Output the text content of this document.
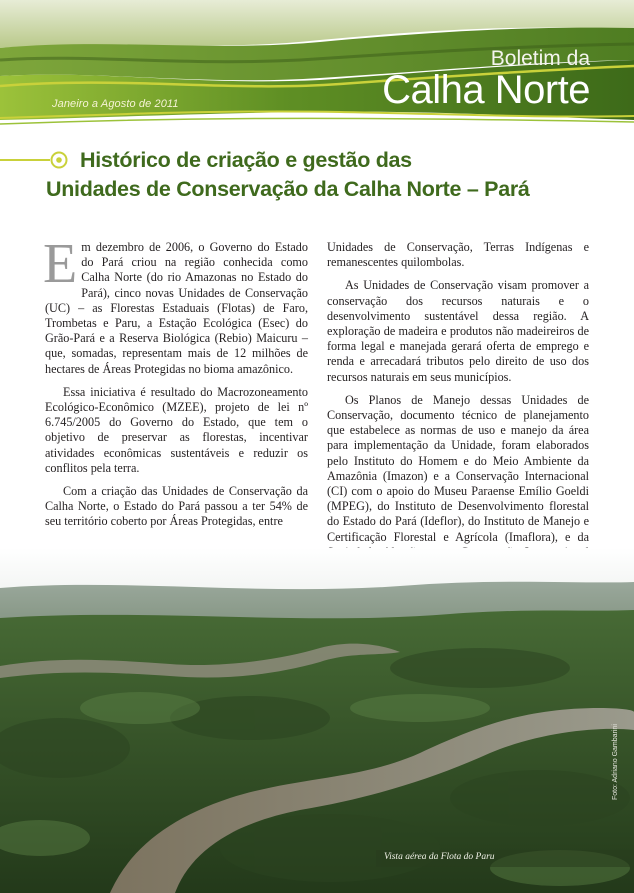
Janeiro a Agosto de 2011
Boletim da
Calha Norte
Histórico de criação e gestão das
Unidades de Conservação da Calha Norte – Pará

Em dezembro de 2006, o Governo do Estado do Pará criou na região conhecida como Calha Norte (do rio Amazonas no Estado do Pará), cinco novas Unidades de Conservação (UC) – as Florestas Estaduais (Flotas) de Faro, Trombetas e Paru, a Estação Ecológica (Esec) do Grão-Pará e a Reserva Biológica (Rebio) Maicuru – que, somadas, representam mais de 12 milhões de hectares de Áreas Protegidas no bioma amazônico.

Essa iniciativa é resultado do Macrozoneamento Ecológico-Econômico (MZEE), projeto de lei nº 6.745/2005 do Governo do Estado, que tem o objetivo de preservar as florestas, incentivar atividades econômicas sustentáveis e reduzir os conflitos pela terra.

Com a criação das Unidades de Conservação da Calha Norte, o Estado do Pará passou a ter 54% de seu território coberto por Áreas Protegidas, entre

Unidades de Conservação, Terras Indígenas e remanescentes quilombolas.

As Unidades de Conservação visam promover a conservação dos recursos naturais e o desenvolvimento sustentável dessa região. A exploração de madeira e produtos não madeireiros de forma legal e manejada gerará oferta de emprego e renda e arrecadará tributos pelo direito de uso dos recursos naturais em seus municípios.

Os Planos de Manejo dessas Unidades de Conservação, documento técnico de planejamento que estabelece as normas de uso e manejo da área para implementação da Unidade, foram elaborados pelo Instituto do Homem e do Meio Ambiente da Amazônia (Imazon) e a Conservação Internacional (CI) com o apoio do Museu Paraense Emílio Goeldi (MPEG), do Instituto de Desenvolvimento florestal do Estado do Pará (Ideflor), do Instituto de Manejo e Certificação Florestal e Agrícola (Imaflora), e da

Foto: Adriano Gambarini
Vista aérea da Flota do Paru
